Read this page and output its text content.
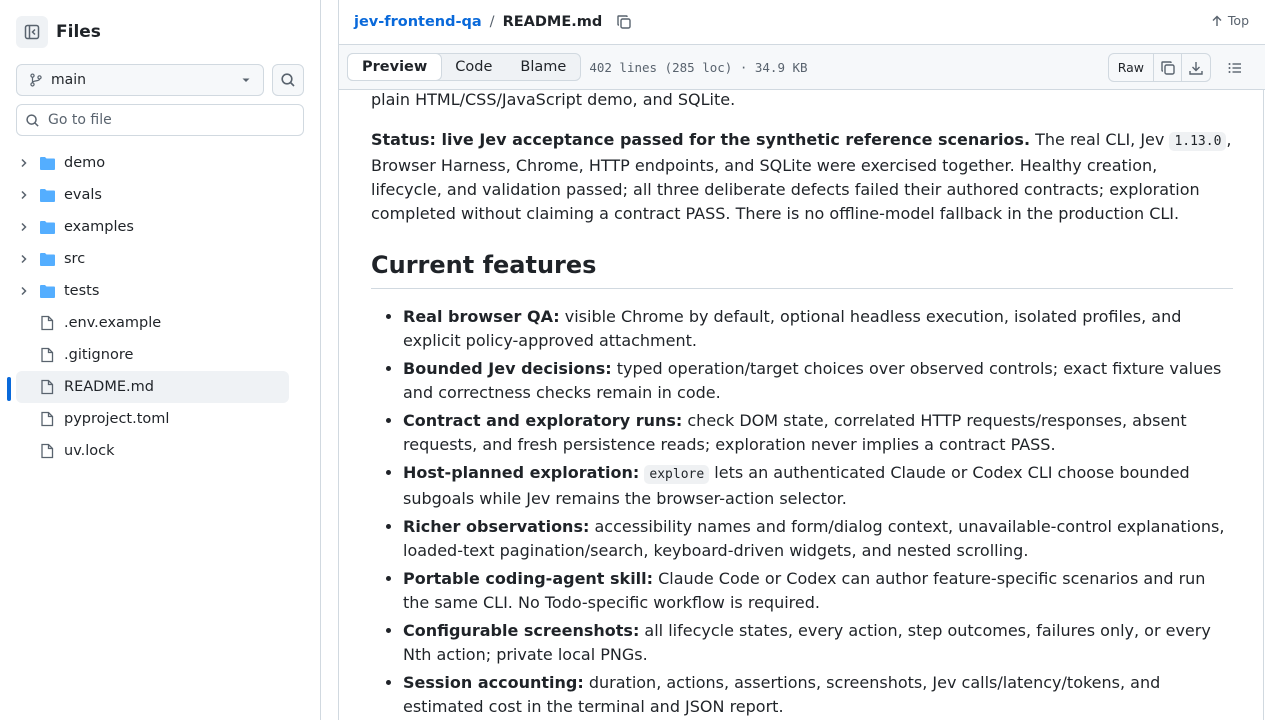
Files
main
Go to file
demo
evals
examples
src
tests
.env.example
.gitignore
README.md
pyproject.toml
uv.lock
jev-frontend-qa / README.md	Top
Preview	Code	Blame	402 lines (285 loc) · 34.9 KB	Raw

plain HTML/CSS/JavaScript demo, and SQLite.

Status: live Jev acceptance passed for the synthetic reference scenarios. The real CLI, Jev 1.13.0 , Browser Harness, Chrome, HTTP endpoints, and SQLite were exercised together. Healthy creation, lifecycle, and validation passed; all three deliberate defects failed their authored contracts; exploration completed without claiming a contract PASS. There is no offline-model fallback in the production CLI.

Current features
• Real browser QA: visible Chrome by default, optional headless execution, isolated profiles, and explicit policy-approved attachment.
• Bounded Jev decisions: typed operation/target choices over observed controls; exact fixture values and correctness checks remain in code.
• Contract and exploratory runs: check DOM state, correlated HTTP requests/responses, absent requests, and fresh persistence reads; exploration never implies a contract PASS.
• Host-planned exploration: explore lets an authenticated Claude or Codex CLI choose bounded subgoals while Jev remains the browser-action selector.
• Richer observations: accessibility names and form/dialog context, unavailable-control explanations, loaded-text pagination/search, keyboard-driven widgets, and nested scrolling.
• Portable coding-agent skill: Claude Code or Codex can author feature-specific scenarios and run the same CLI. No Todo-specific workflow is required.
• Configurable screenshots: all lifecycle states, every action, step outcomes, failures only, or every Nth action; private local PNGs.
• Session accounting: duration, actions, assertions, screenshots, Jev calls/latency/tokens, and estimated cost in the terminal and JSON report.
